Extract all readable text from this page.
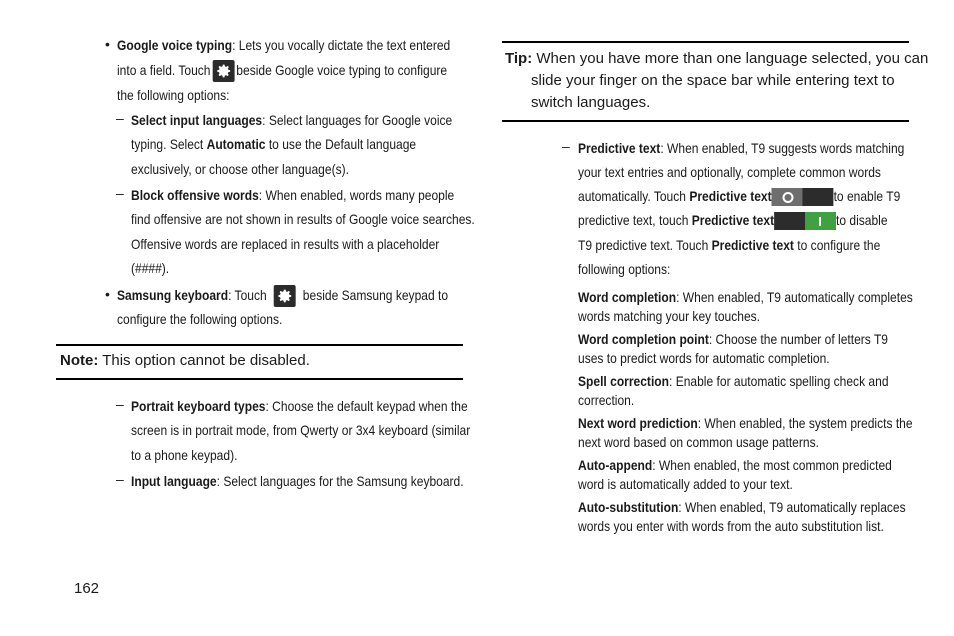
• Google voice typing: Lets you vocally dictate the text entered
into a field. Touch beside Google voice typing to configure
the following options:
– Select input languages: Select languages for Google voice
typing. Select Automatic to use the Default language
exclusively, or choose other language(s).
– Block offensive words: When enabled, words many people
find offensive are not shown in results of Google voice searches.
Offensive words are replaced in results with a placeholder
(####).
• Samsung keyboard: Touch	beside Samsung keypad to
configure the following options.
Note: This option cannot be disabled.
– Portrait keyboard types: Choose the default keypad when the
screen is in portrait mode, from Qwerty or 3x4 keyboard (similar
to a phone keypad).
– Input language: Select languages for the Samsung keyboard.
162
Tip: When you have more than one language selected, you can
slide your finger on the space bar while entering text to
switch languages.
– Predictive text: When enabled, T9 suggests words matching
your text entries and optionally, complete common words
automatically. Touch Predictive text	to enable T9
predictive text, touch Predictive text	to disable
T9 predictive text. Touch Predictive text to configure the
following options:
Word completion: When enabled, T9 automatically completes
words matching your key touches.
Word completion point: Choose the number of letters T9
uses to predict words for automatic completion.
Spell correction: Enable for automatic spelling check and
correction.
Next word prediction: When enabled, the system predicts the
next word based on common usage patterns.
Auto-append: When enabled, the most common predicted
word is automatically added to your text.
Auto-substitution: When enabled, T9 automatically replaces
words you enter with words from the auto substitution list.
